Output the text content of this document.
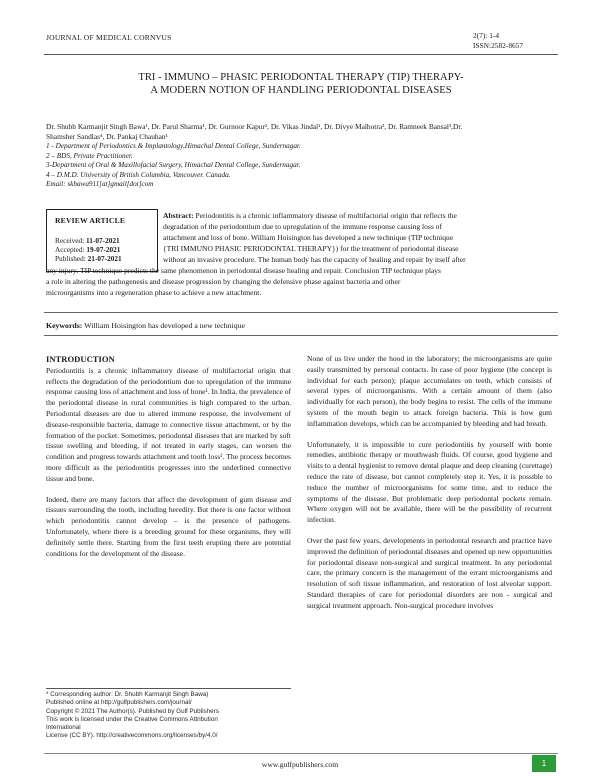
JOURNAL OF MEDICAL CORNVUS	2(7): 1-4
ISSN:2582-8657
TRI - IMMUNO – PHASIC PERIODONTAL THERAPY (TIP) THERAPY-
A MODERN NOTION OF HANDLING PERIODONTAL DISEASES
Dr. Shubh Karmanjit Singh Bawa¹, Dr. Parul Sharma¹, Dr. Gurnoor Kapur², Dr. Vikas Jindal¹, Dr. Divye Malhotra³, Dr. Ramneek Bansal³,Dr.
Shamsher Sandlas⁴, Dr. Pankaj Chauhan¹
1 - Department of Periodontics & Implantology,Himachal Dental College, Sundernagar.
2 – BDS, Private Practitioner.
3-Department of Oral & Maxillofacial Surgery, Himachal Dental College, Sundernagar.
4 – D.M.D. University of British Columbia, Vancouver. Canada.
Email: skbawa911[at]gmail[dot]com
REVIEW ARTICLE
Received: 11-07-2021
Accepted: 19-07-2021
Published: 21-07-2021
Abstract: Periodontitis is a chronic inflammatory disease of multifactorial origin that reflects the
degradation of the periodontium due to upregulation of the immune response causing loss of
attachment and loss of bone. William Hoisington has developed a new technique (TIP technique
{TRI IMMUNO PHASIC PERIODONTAL THERAPY}) for the treatment of periodontal disease
without an invasive procedure. The human body has the capacity of healing and repair by itself after
any injury. TIP technique predicts the same phenomenon in periodontal disease healing and repair. Conclusion TIP technique plays
a role in altering the pathogenesis and disease progression by changing the defensive phase against bacteria and other
microorganisms into a regeneration phase to achieve a new attachment.
Keywords: William Hoisington has developed a new technique
INTRODUCTION

Periodontitis is a chronic inflammatory disease of multifactorial origin that reflects the degradation of the periodontium due to upregulation of the immune response causing loss of attachment and loss of bone¹. In India, the prevalence of the periodontal disease in rural communities is high compared to the urban. Periodontal diseases are due to altered immune response, the involvement of disease-responsible bacteria, damage to connective tissue attachment, or by the formation of the pocket. Sometimes, periodontal diseases that are marked by soft tissue swelling and bleeding, if not treated in early stages, can worsen the condition and progress towards attachment and tooth loss². The process becomes more difficult as the periodontitis progresses into the underlined connective tissue and bone.

Indeed, there are many factors that affect the development of gum disease and tissues surrounding the tooth, including heredity. But there is one factor without which periodontitis cannot develop – is the presence of pathogens. Unfortunately, where there is a breeding ground for these organisms, they will definitely settle there. Starting from the first teeth erupting there are potential conditions for the development of the disease.

None of us live under the hood in the laboratory; the microorganisms are quite easily transmitted by personal contacts. In case of poor hygiene (the concept is individual for each person); plaque accumulates on teeth, which consists of several types of microorganisms. With a certain amount of them (also individually for each person), the body begins to resist. The cells of the immune system of the mouth begin to attack foreign bacteria. This is how gum inflammation develops, which can be accompanied by bleeding and bad breath.

Unfortunately, it is impossible to cure periodontitis by yourself with home remedies, antibiotic therapy or mouthwash fluids. Of course, good hygiene and visits to a dental hygienist to remove dental plaque and deep cleaning (curettage) reduce the rate of disease, but cannot completely stop it. Yes, it is possible to reduce the number of microorganisms for some time, and to reduce the symptoms of the disease. But problematic deep periodontal pockets remain. Where oxygen will not be available, there will be the possibility of recurrent infection.

Over the past few years, developments in periodontal research and practice have improved the definition of periodontal diseases and opened up new opportunities for periodontal disease non-surgical and surgical treatment. In any periodontal care, the primary concern is the management of the errant microorganisms and resolution of soft tissue inflammation, and restoration of lost alveolar support. Standard therapies of care for periodontal disorders are non - surgical and surgical treatment approach. Non-surgical procedure involves

* Corresponding author: Dr. Shubh Karmanjit Singh Bawa)
Published online at http://gulfpublishers.com/journal/
Copyright © 2021 The Author(s). Published by Gulf Publishers
This work is licensed under the Creative Commons Attribution
International
License (CC BY). http://creativecommons.org/licenses/by/4.0/
www.gulfpublishers.com	1
